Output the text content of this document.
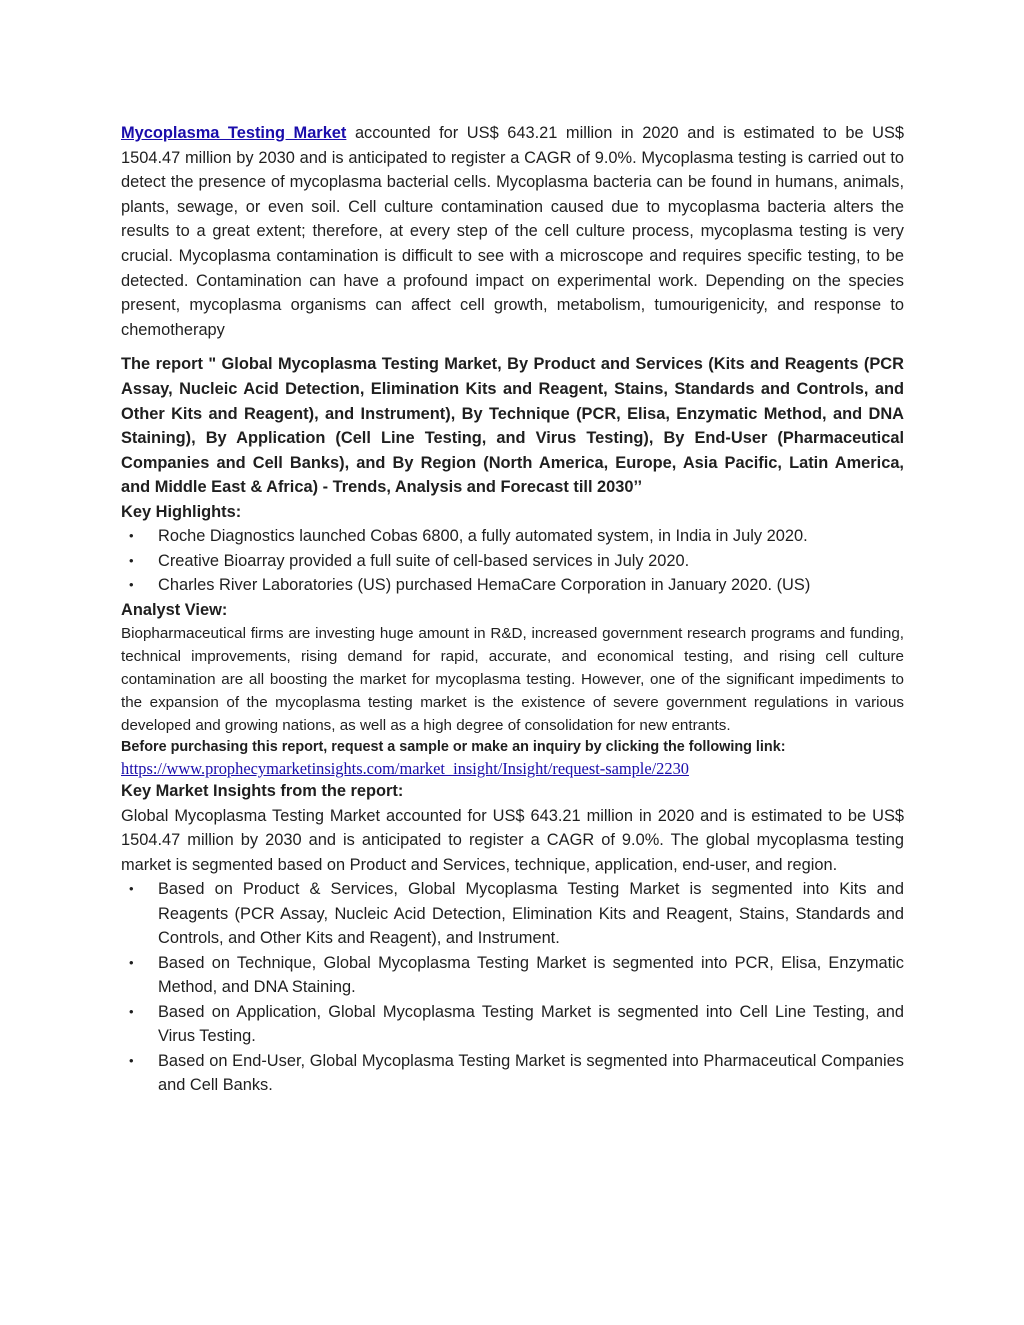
Mycoplasma Testing Market accounted for US$ 643.21 million in 2020 and is estimated to be US$ 1504.47 million by 2030 and is anticipated to register a CAGR of 9.0%. Mycoplasma testing is carried out to detect the presence of mycoplasma bacterial cells. Mycoplasma bacteria can be found in humans, animals, plants, sewage, or even soil. Cell culture contamination caused due to mycoplasma bacteria alters the results to a great extent; therefore, at every step of the cell culture process, mycoplasma testing is very crucial. Mycoplasma contamination is difficult to see with a microscope and requires specific testing, to be detected. Contamination can have a profound impact on experimental work. Depending on the species present, mycoplasma organisms can affect cell growth, metabolism, tumourigenicity, and response to chemotherapy

The report " Global Mycoplasma Testing Market, By Product and Services (Kits and Reagents (PCR Assay, Nucleic Acid Detection, Elimination Kits and Reagent, Stains, Standards and Controls, and Other Kits and Reagent), and Instrument), By Technique (PCR, Elisa, Enzymatic Method, and DNA Staining), By Application (Cell Line Testing, and Virus Testing), By End-User (Pharmaceutical Companies and Cell Banks), and By Region (North America, Europe, Asia Pacific, Latin America, and Middle East & Africa) - Trends, Analysis and Forecast till 2030’’

Key Highlights:
• Roche Diagnostics launched Cobas 6800, a fully automated system, in India in July 2020.
• Creative Bioarray provided a full suite of cell-based services in July 2020.
• Charles River Laboratories (US) purchased HemaCare Corporation in January 2020. (US)
Analyst View:

Biopharmaceutical firms are investing huge amount in R&D, increased government research programs and funding, technical improvements, rising demand for rapid, accurate, and economical testing, and rising cell culture contamination are all boosting the market for mycoplasma testing. However, one of the significant impediments to the expansion of the mycoplasma testing market is the existence of severe government regulations in various developed and growing nations, as well as a high degree of consolidation for new entrants.

Before purchasing this report, request a sample or make an inquiry by clicking the following link:
https://www.prophecymarketinsights.com/market_insight/Insight/request-sample/2230
Key Market Insights from the report:

Global Mycoplasma Testing Market accounted for US$ 643.21 million in 2020 and is estimated to be US$ 1504.47 million by 2030 and is anticipated to register a CAGR of 9.0%. The global mycoplasma testing market is segmented based on Product and Services, technique, application, end-user, and region.

• Based on Product & Services, Global Mycoplasma Testing Market is segmented into Kits and Reagents (PCR Assay, Nucleic Acid Detection, Elimination Kits and Reagent, Stains, Standards and Controls, and Other Kits and Reagent), and Instrument.
• Based on Technique, Global Mycoplasma Testing Market is segmented into PCR, Elisa, Enzymatic Method, and DNA Staining.
• Based on Application, Global Mycoplasma Testing Market is segmented into Cell Line Testing, and Virus Testing.
• Based on End-User, Global Mycoplasma Testing Market is segmented into Pharmaceutical Companies and Cell Banks.
